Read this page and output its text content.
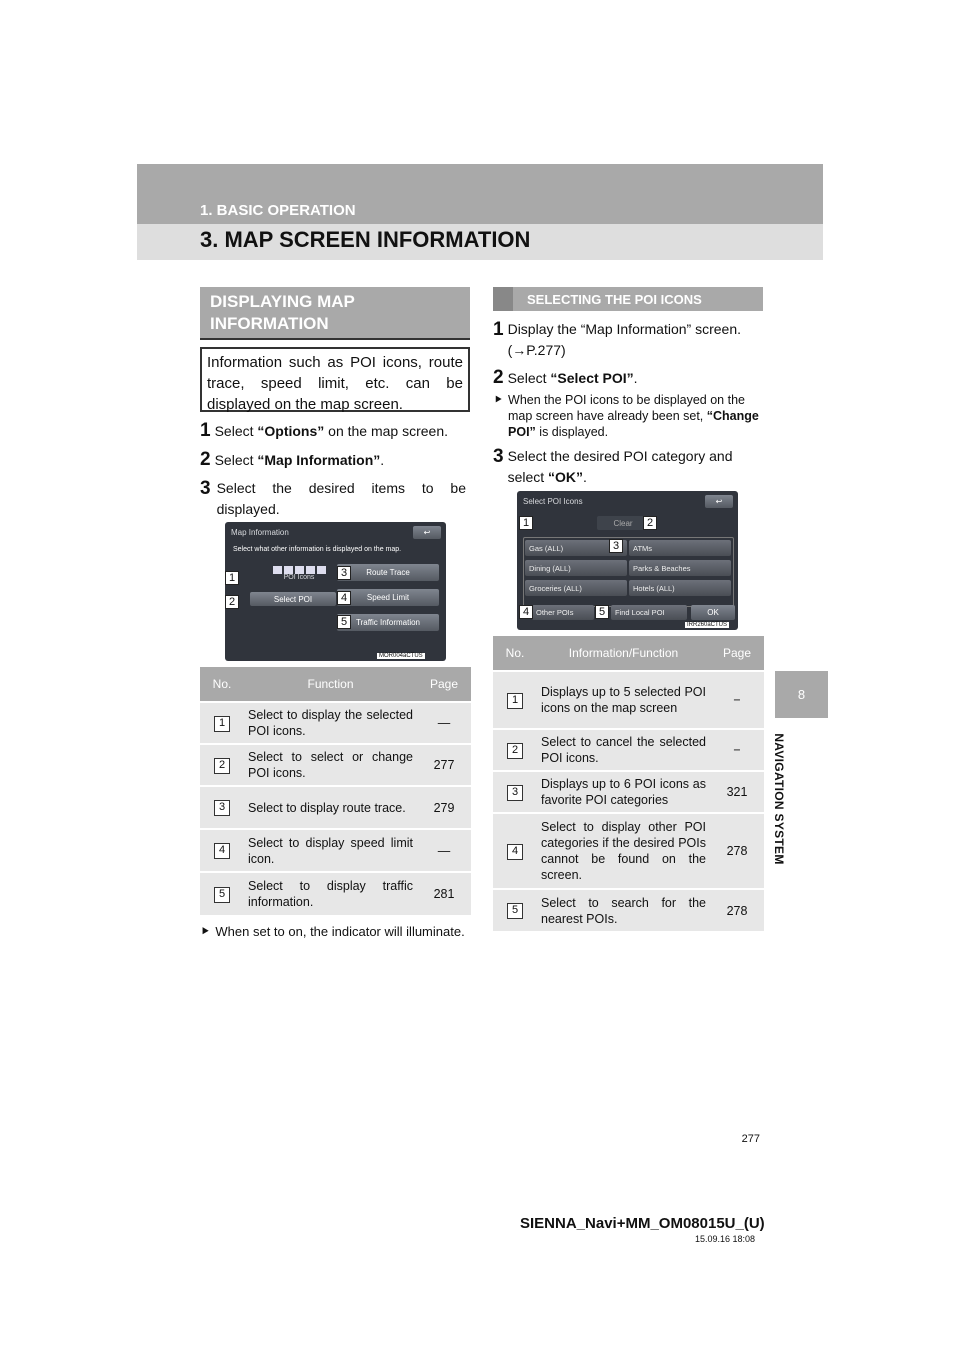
1. BASIC OPERATION
3. MAP SCREEN INFORMATION
8
NAVIGATION SYSTEM
DISPLAYING MAP INFORMATION
Information such as POI icons, route trace, speed limit, etc. can be displayed on the map screen.
1 Select “Options” on the map screen.
2 Select “Map Information”.
3 Select the desired items to be displayed.
Map Information	↩
Select what other information is displayed on the map.
POI Icons
Select POI
Route Trace
Speed Limit
Traffic Information
1
2
3
4
5
MOR004aCTUS
No.	Function	Page
1	Select to display the selected POI icons.	—
2	Select to select or change POI icons.	277
3	Select to display route trace.	279
4	Select to display speed limit icon.	—
5	Select to display traffic information.	281
⯈ When set to on, the indicator will illuminate.
SELECTING THE POI ICONS
1 Display the “Map Information” screen. (→P.277)
2 Select “Select POI”.
⯈ When the POI icons to be displayed on the map screen have already been set, “Change POI” is displayed.
3 Select the desired POI category and select “OK”.
Select POI Icons	↩
Clear
Gas (ALL)	ATMs
Dining (ALL)	Parks & Beaches
Groceries (ALL)	Hotels (ALL)
Other POIs	Find Local POI	OK
1	2
3
4	5
IRR260aCTUS
No.	Information/Function	Page
1	Displays up to 5 selected POI icons on the map screen	−
2	Select to cancel the selected POI icons.	−
3	Displays up to 6 POI icons as favorite POI categories	321
4	Select to display other POI categories if the desired POIs cannot be found on the screen.	278
5	Select to search for the nearest POIs.	278
277
SIENNA_Navi+MM_OM08015U_(U)
15.09.16 18:08
